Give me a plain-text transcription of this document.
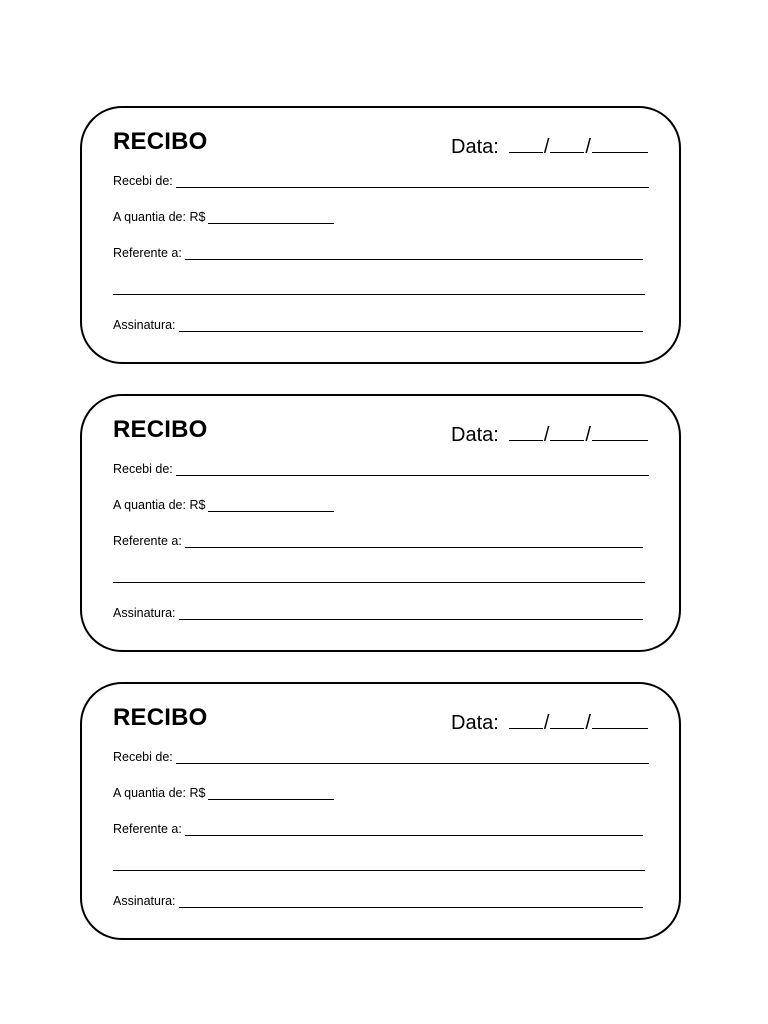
RECIBO	Data: / /
Recebi de:
A quantia de: R$
Referente a:
Assinatura:
RECIBO	Data: / /
Recebi de:
A quantia de: R$
Referente a:
Assinatura:
RECIBO	Data: / /
Recebi de:
A quantia de: R$
Referente a:
Assinatura:
